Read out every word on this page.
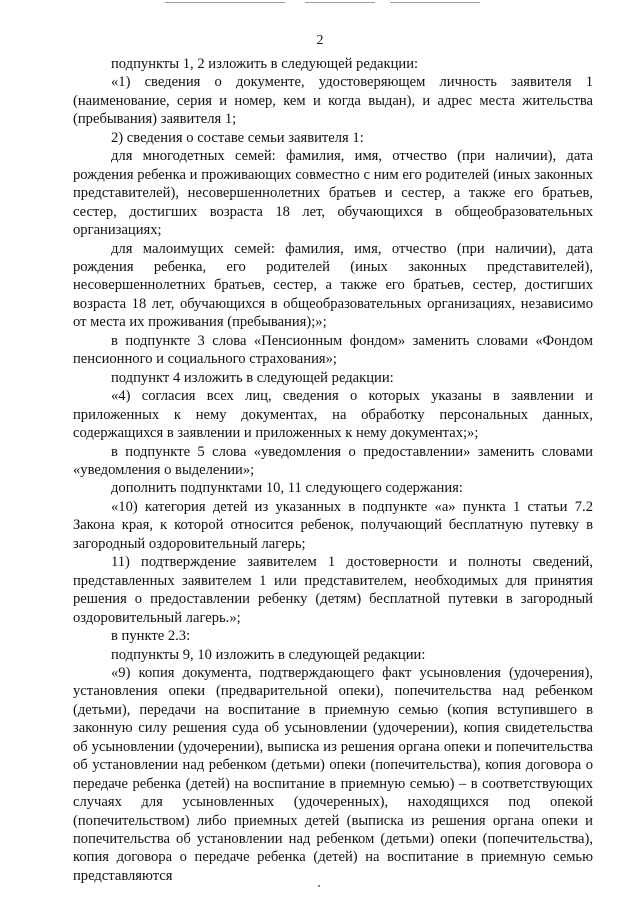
2

подпункты 1, 2 изложить в следующей редакции:

«1) сведения о документе, удостоверяющем личность заявителя 1 (наименование, серия и номер, кем и когда выдан), и адрес места жительства (пребывания) заявителя 1;

2) сведения о составе семьи заявителя 1:

для многодетных семей: фамилия, имя, отчество (при наличии), дата рождения ребенка и проживающих совместно с ним его родителей (иных законных представителей), несовершеннолетних братьев и сестер, а также его братьев, сестер, достигших возраста 18 лет, обучающихся в общеобразовательных организациях;

для малоимущих семей: фамилия, имя, отчество (при наличии), дата рождения ребенка, его родителей (иных законных представителей), несовершеннолетних братьев, сестер, а также его братьев, сестер, достигших возраста 18 лет, обучающихся в общеобразовательных организациях, независимо от места их проживания (пребывания);»;

в подпункте 3 слова «Пенсионным фондом» заменить словами «Фондом пенсионного и социального страхования»;

подпункт 4 изложить в следующей редакции:

«4) согласия всех лиц, сведения о которых указаны в заявлении и приложенных к нему документах, на обработку персональных данных, содержащихся в заявлении и приложенных к нему документах;»;

в подпункте 5 слова «уведомления о предоставлении» заменить словами «уведомления о выделении»;

дополнить подпунктами 10, 11 следующего содержания:

«10) категория детей из указанных в подпункте «а» пункта 1 статьи 7.2 Закона края, к которой относится ребенок, получающий бесплатную путевку в загородный оздоровительный лагерь;

11) подтверждение заявителем 1 достоверности и полноты сведений, представленных заявителем 1 или представителем, необходимых для принятия решения о предоставлении ребенку (детям) бесплатной путевки в загородный оздоровительный лагерь.»;

в пункте 2.3:

подпункты 9, 10 изложить в следующей редакции:

«9) копия документа, подтверждающего факт усыновления (удочерения), установления опеки (предварительной опеки), попечительства над ребенком (детьми), передачи на воспитание в приемную семью (копия вступившего в законную силу решения суда об усыновлении (удочерении), копия свидетельства об усыновлении (удочерении), выписка из решения органа опеки и попечительства об установлении над ребенком (детьми) опеки (попечительства), копия договора о передаче ребенка (детей) на воспитание в приемную семью) – в соответствующих случаях для усыновленных (удочеренных), находящихся под опекой (попечительством) либо приемных детей (выписка из решения органа опеки и попечительства об установлении над ребенком (детьми) опеки (попечительства), копия договора о передаче ребенка (детей) на воспитание в приемную семью представляются
